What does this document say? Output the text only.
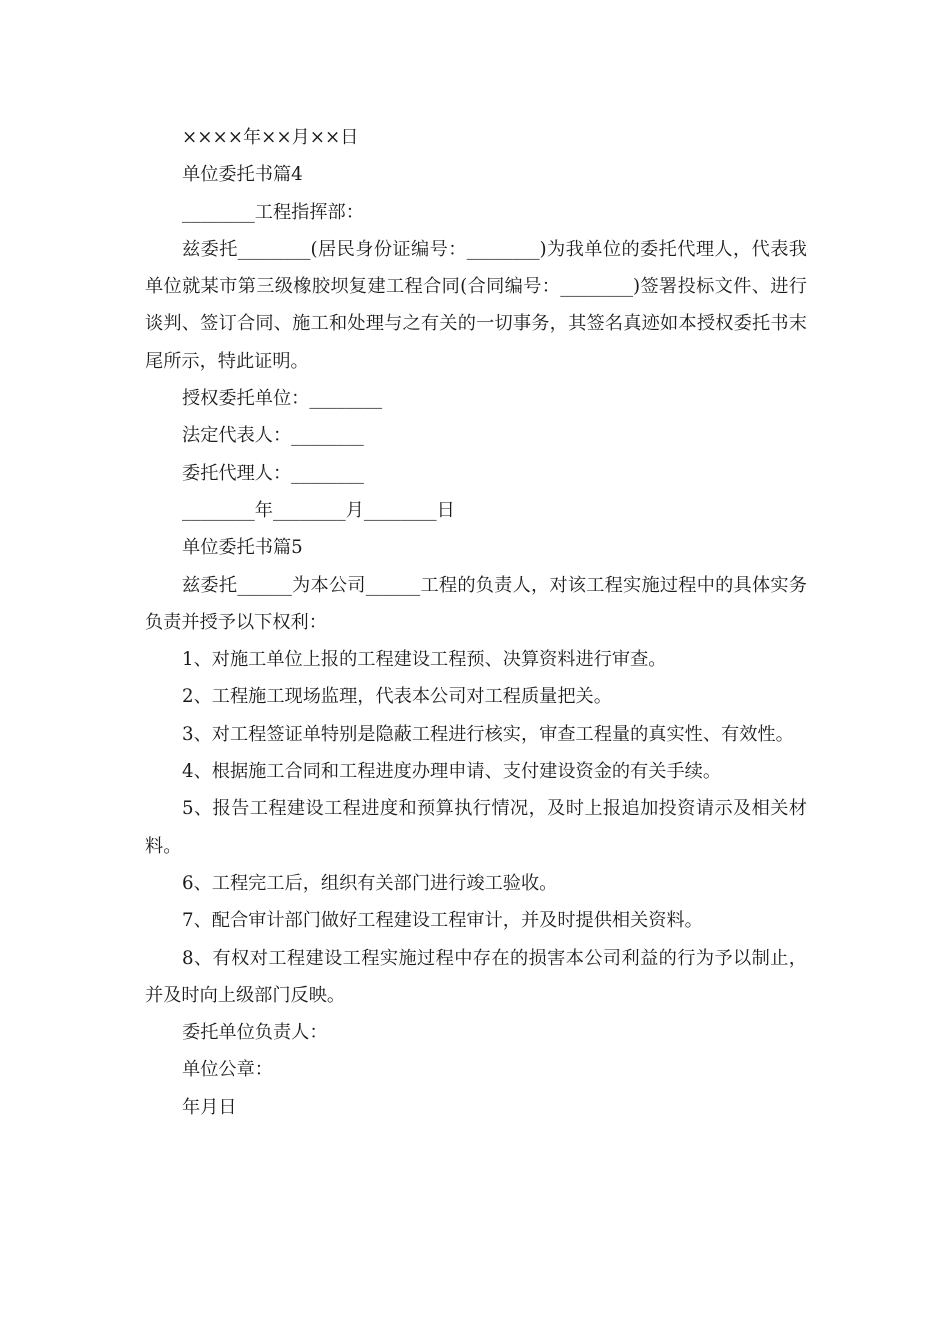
××××年××月××日

单位委托书篇4

________工程指挥部：

兹委托________(居民身份证编号：________)为我单位的委托代理人，代表我单位就某市第三级橡胶坝复建工程合同(合同编号：________)签署投标文件、进行谈判、签订合同、施工和处理与之有关的一切事务，其签名真迹如本授权委托书末尾所示，特此证明。

授权委托单位：________

法定代表人：________

委托代理人：________

________年________月________日

单位委托书篇5

兹委托______为本公司______工程的负责人，对该工程实施过程中的具体实务负责并授予以下权利：

1、对施工单位上报的工程建设工程预、决算资料进行审查。

2、工程施工现场监理，代表本公司对工程质量把关。

3、对工程签证单特别是隐蔽工程进行核实，审查工程量的真实性、有效性。

4、根据施工合同和工程进度办理申请、支付建设资金的有关手续。

5、报告工程建设工程进度和预算执行情况，及时上报追加投资请示及相关材料。

6、工程完工后，组织有关部门进行竣工验收。

7、配合审计部门做好工程建设工程审计，并及时提供相关资料。

8、有权对工程建设工程实施过程中存在的损害本公司利益的行为予以制止，并及时向上级部门反映。

委托单位负责人：

单位公章：

年月日
